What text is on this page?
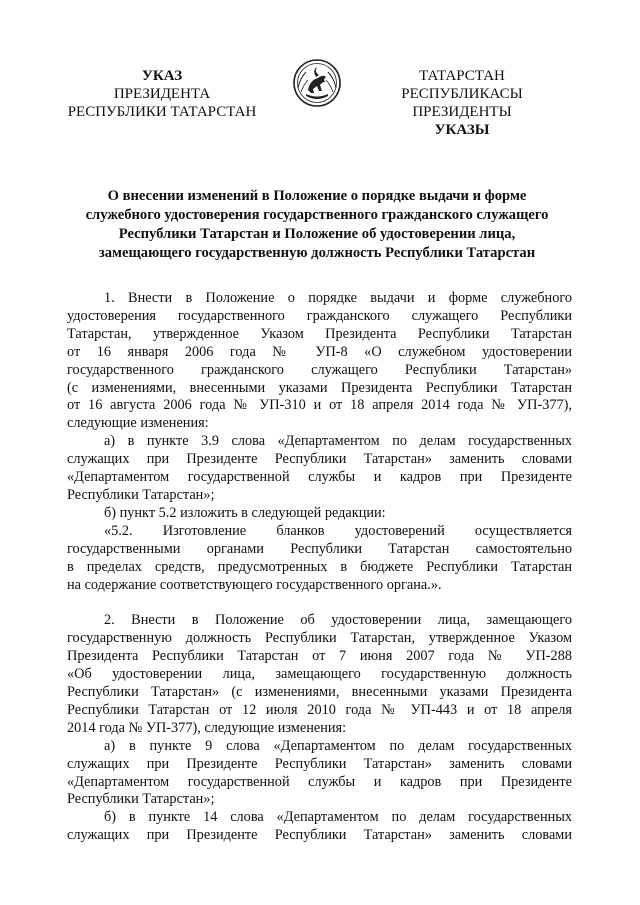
УКАЗ
ПРЕЗИДЕНТА
РЕСПУБЛИКИ ТАТАРСТАН
ТАТАРСТАН РЕСПУБЛИКАСЫ
ПРЕЗИДЕНТЫ
УКАЗЫ
О внесении изменений в Положение о порядке выдачи и форме
служебного удостоверения государственного гражданского служащего
Республики Татарстан и Положение об удостоверении лица,
замещающего государственную должность Республики Татарстан
1. Внести в Положение о порядке выдачи и форме служебного
удостоверения государственного гражданского служащего Республики
Татарстан, утвержденное Указом Президента Республики Татарстан
от 16 января 2006 года № УП-8 «О служебном удостоверении
государственного гражданского служащего Республики Татарстан»
(с изменениями, внесенными указами Президента Республики Татарстан
от 16 августа 2006 года № УП-310 и от 18 апреля 2014 года № УП-377),
следующие изменения:
а) в пункте 3.9 слова «Департаментом по делам государственных
служащих при Президенте Республики Татарстан» заменить словами
«Департаментом государственной службы и кадров при Президенте
Республики Татарстан»;
б) пункт 5.2 изложить в следующей редакции:
«5.2. Изготовление бланков удостоверений осуществляется
государственными органами Республики Татарстан самостоятельно
в пределах средств, предусмотренных в бюджете Республики Татарстан
на содержание соответствующего государственного органа.».
2. Внести в Положение об удостоверении лица, замещающего
государственную должность Республики Татарстан, утвержденное Указом
Президента Республики Татарстан от 7 июня 2007 года № УП-288
«Об удостоверении лица, замещающего государственную должность
Республики Татарстан» (с изменениями, внесенными указами Президента
Республики Татарстан от 12 июля 2010 года № УП-443 и от 18 апреля
2014 года № УП-377), следующие изменения:
а) в пункте 9 слова «Департаментом по делам государственных
служащих при Президенте Республики Татарстан» заменить словами
«Департаментом государственной службы и кадров при Президенте
Республики Татарстан»;
б) в пункте 14 слова «Департаментом по делам государственных
служащих при Президенте Республики Татарстан» заменить словами
